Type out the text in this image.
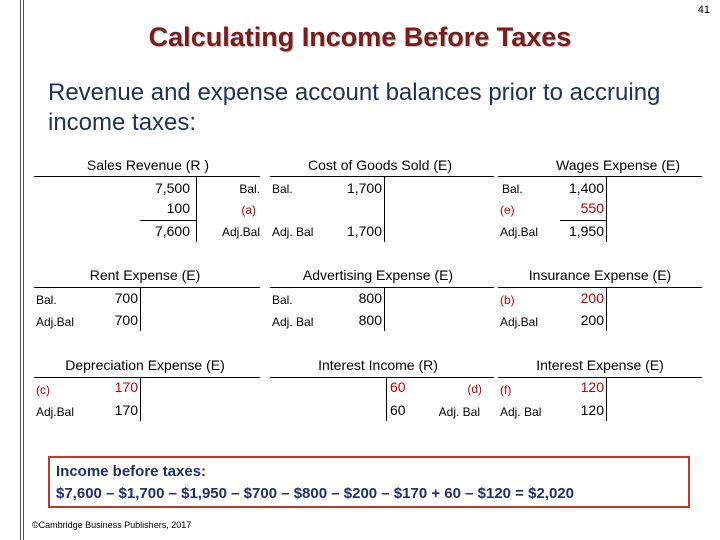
41
Calculating Income Before Taxes
Revenue and expense account balances prior to accruing income taxes:
Sales Revenue (R )
7,500
100
7,600
Bal.
(a)
Adj.Bal
Cost of Goods Sold (E)
Bal.
Adj. Bal
1,700
1,700
Wages Expense (E)
Bal.
(e)
Adj.Bal
1,400
550
1,950
Rent Expense (E)
Bal.
Adj.Bal
700
700
Advertising Expense (E)
Bal.
Adj. Bal
800
800
Insurance Expense (E)
(b)
Adj.Bal
200
200
Depreciation Expense (E)
(c)
Adj.Bal
170
170
Interest Income (R)
60
60
(d)
Adj. Bal
Interest Expense (E)
(f)
Adj. Bal
120
120
Income before taxes:
$7,600 – $1,700 – $1,950 – $700 – $800 – $200 – $170 + 60 – $120 = $2,020
©Cambridge Business Publishers, 2017
